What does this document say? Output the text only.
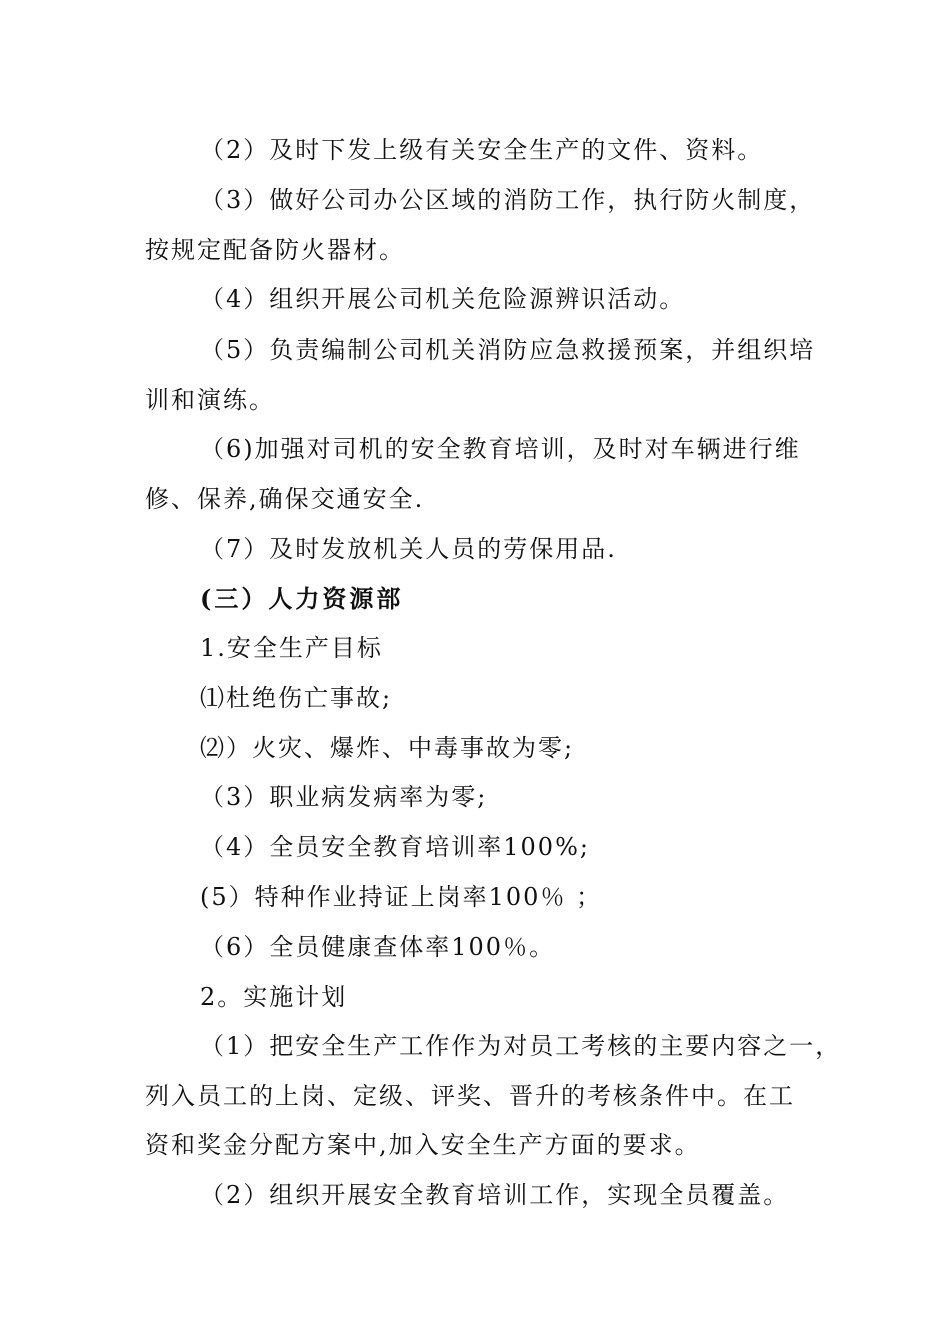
（2）及时下发上级有关安全生产的文件、资料。
（3）做好公司办公区域的消防工作，执行防火制度，
按规定配备防火器材。
（4）组织开展公司机关危险源辨识活动。
（5）负责编制公司机关消防应急救援预案，并组织培
训和演练。
（6)加强对司机的安全教育培训，及时对车辆进行维
修、保养,确保交通安全.
（7）及时发放机关人员的劳保用品.
(三）人力资源部
1.安全生产目标
⑴杜绝伤亡事故;
⑵）火灾、爆炸、中毒事故为零;
（3）职业病发病率为零;
（4）全员安全教育培训率100%;
(5）特种作业持证上岗率100％ ；
（6）全员健康查体率100％。
2。实施计划
（1）把安全生产工作作为对员工考核的主要内容之一，
列入员工的上岗、定级、评奖、晋升的考核条件中。在工
资和奖金分配方案中,加入安全生产方面的要求。
（2）组织开展安全教育培训工作，实现全员覆盖。
